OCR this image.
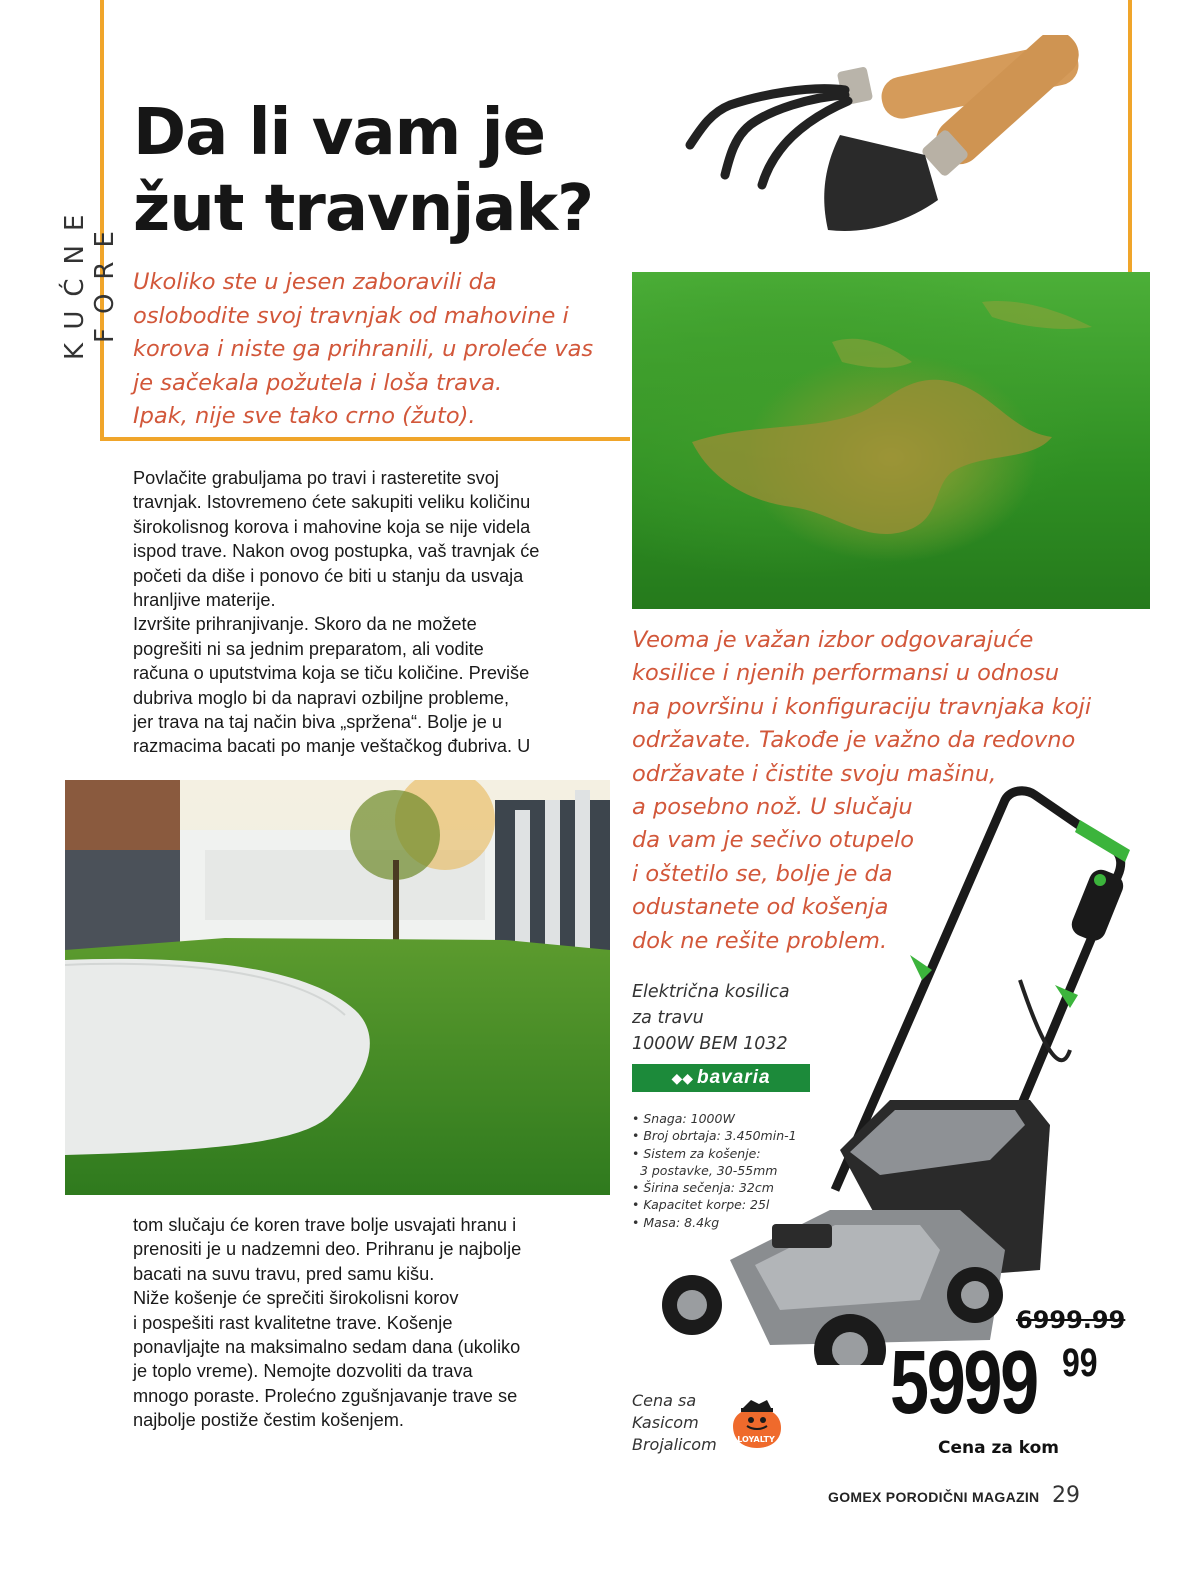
KUĆNE FORE
Da li vam je
žut travnjak?
Ukoliko ste u jesen zaboravili da
oslobodite svoj travnjak od mahovine i
korova i niste ga prihranili, u proleće vas
je sačekala požutela i loša trava.
Ipak, nije sve tako crno (žuto).
Povlačite grabuljama po travi i rasteretite svoj
travnjak. Istovremeno ćete sakupiti veliku količinu
širokolisnog korova i mahovine koja se nije videla
ispod trave. Nakon ovog postupka, vaš travnjak će
početi da diše i ponovo će biti u stanju da usvaja
hranljive materije.
Izvršite prihranjivanje. Skoro da ne možete
pogrešiti ni sa jednim preparatom, ali vodite
računa o uputstvima koja se tiču količine. Previše
dubriva moglo bi da napravi ozbiljne probleme,
jer trava na taj način biva „spržena“. Bolje je u
razmacima bacati po manje veštačkog đubriva. U
Veoma je važan izbor odgovarajuće
kosilice i njenih performansi u odnosu
na površinu i konfiguraciju travnjaka koji
održavate. Takođe je važno da redovno
održavate i čistite svoju mašinu,
a posebno nož. U slučaju
da vam je sečivo otupelo
i oštetilo se, bolje je da
odustanete od košenja
dok ne rešite problem.
tom slučaju će koren trave bolje usvajati hranu i
prenositi je u nadzemni deo. Prihranu je najbolje
bacati na suvu travu, pred samu kišu.
Niže košenje će sprečiti širokolisni korov
i pospešiti rast kvalitetne trave. Košenje
ponavljajte na maksimalno sedam dana (ukoliko
je toplo vreme). Nemojte dozvoliti da trava
mnogo poraste. Prolećno zgušnjavanje trave se
najbolje postiže čestim košenjem.
Električna kosilica
za travu
1000W BEM 1032
◆◆ bavaria
• Snaga: 1000W
• Broj obrtaja: 3.450min-1
• Sistem za košenje:
3 postavke, 30-55mm
• Širina sečenja: 32cm
• Kapacitet korpe: 25l
• Masa: 8.4kg
6999.99
5999 99
Cena za kom
Cena sa
Kasicom
Brojalicom	LOYALTY
GOMEX PORODIČNI MAGAZIN 29
